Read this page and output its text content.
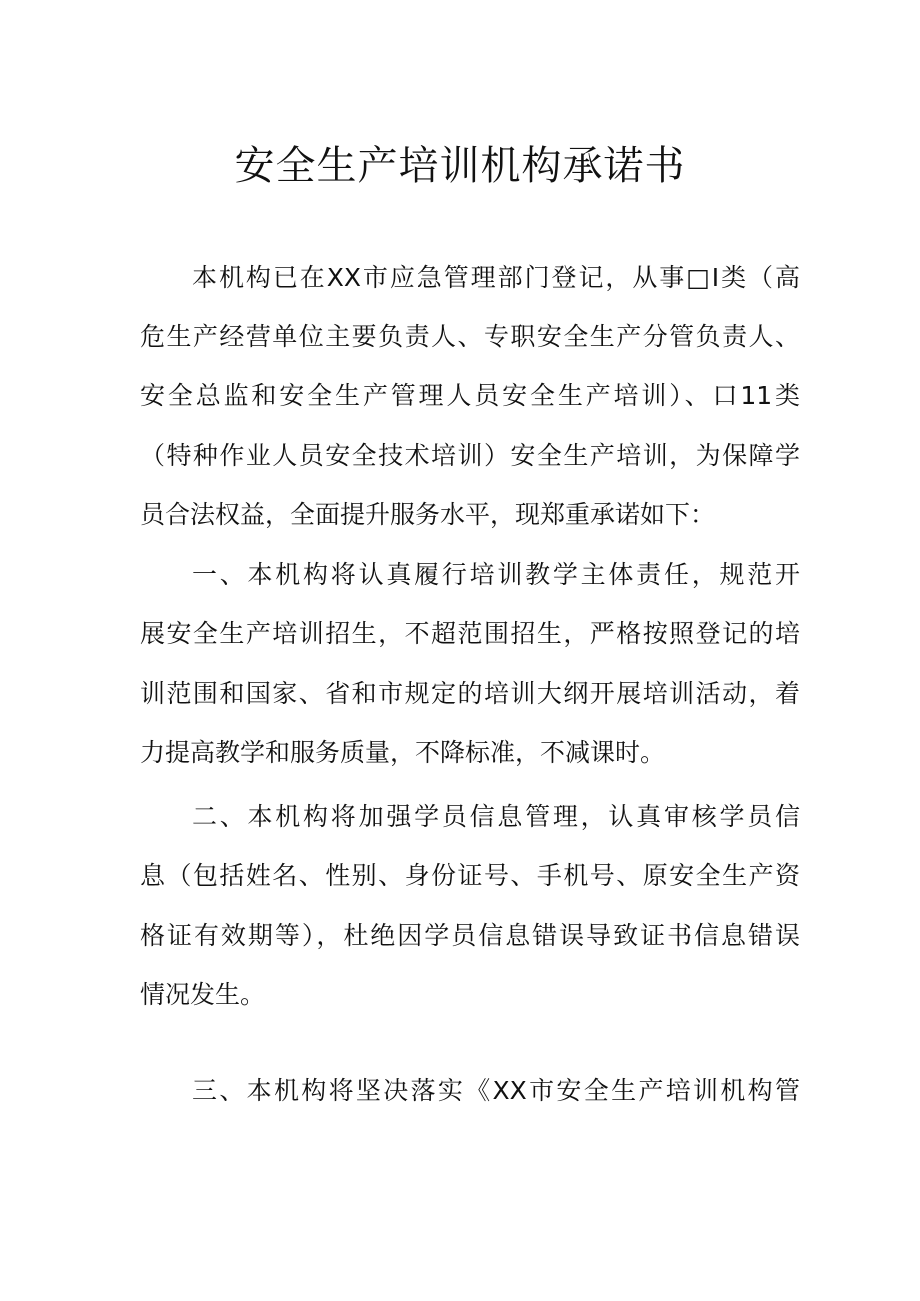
安全生产培训机构承诺书
本机构已在XX市应急管理部门登记，从事□I类（高
危生产经营单位主要负责人、专职安全生产分管负责人、
安全总监和安全生产管理人员安全生产培训）、口11类
（特种作业人员安全技术培训）安全生产培训，为保障学
员合法权益，全面提升服务水平，现郑重承诺如下：
一、本机构将认真履行培训教学主体责任，规范开
展安全生产培训招生，不超范围招生，严格按照登记的培
训范围和国家、省和市规定的培训大纲开展培训活动，着
力提高教学和服务质量，不降标准，不减课时。
二、本机构将加强学员信息管理，认真审核学员信
息（包括姓名、性别、身份证号、手机号、原安全生产资
格证有效期等），杜绝因学员信息错误导致证书信息错误
情况发生。
三、本机构将坚决落实《XX市安全生产培训机构管
